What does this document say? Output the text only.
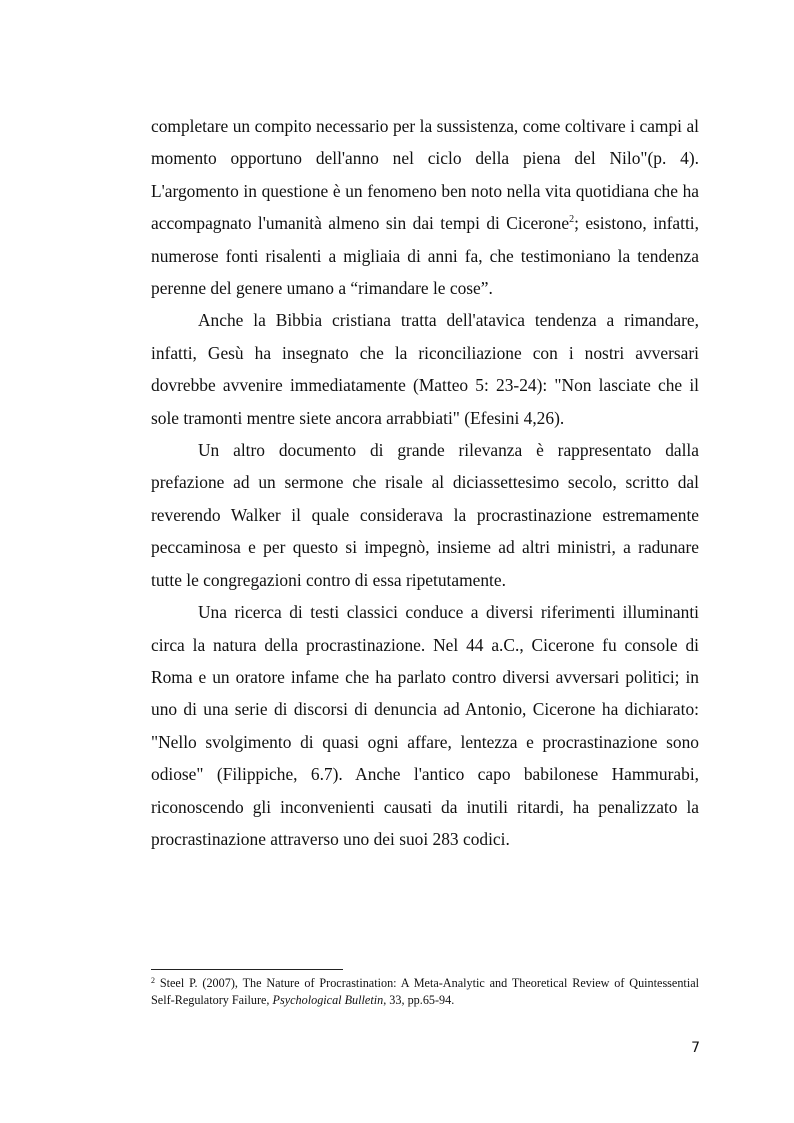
completare un compito necessario per la sussistenza, come coltivare i campi al momento opportuno dell'anno nel ciclo della piena del Nilo"(p. 4). L'argomento in questione è un fenomeno ben noto nella vita quotidiana che ha accompagnato l'umanità almeno sin dai tempi di Cicerone$^2$; esistono, infatti, numerose fonti risalenti a migliaia di anni fa, che testimoniano la tendenza perenne del genere umano a “rimandare le cose”.

Anche la Bibbia cristiana tratta dell'atavica tendenza a rimandare, infatti, Gesù ha insegnato che la riconciliazione con i nostri avversari dovrebbe avvenire immediatamente (Matteo 5: 23-24): "Non lasciate che il sole tramonti mentre siete ancora arrabbiati" (Efesini 4,26).

Un altro documento di grande rilevanza è rappresentato dalla prefazione ad un sermone che risale al diciassettesimo secolo, scritto dal reverendo Walker il quale considerava la procrastinazione estremamente peccaminosa e per questo si impegnò, insieme ad altri ministri, a radunare tutte le congregazioni contro di essa ripetutamente.

Una ricerca di testi classici conduce a diversi riferimenti illuminanti circa la natura della procrastinazione. Nel 44 a.C., Cicerone fu console di Roma e un oratore infame che ha parlato contro diversi avversari politici; in uno di una serie di discorsi di denuncia ad Antonio, Cicerone ha dichiarato: "Nello svolgimento di quasi ogni affare, lentezza e procrastinazione sono odiose" (Filippiche, 6.7). Anche l'antico capo babilonese Hammurabi, riconoscendo gli inconvenienti causati da inutili ritardi, ha penalizzato la procrastinazione attraverso uno dei suoi 283 codici.

$^2$ Steel P. (2007), The Nature of Procrastination: A Meta-Analytic and Theoretical Review of Quintessential Self-Regulatory Failure, Psychological Bulletin, 33, pp.65-94.

7
